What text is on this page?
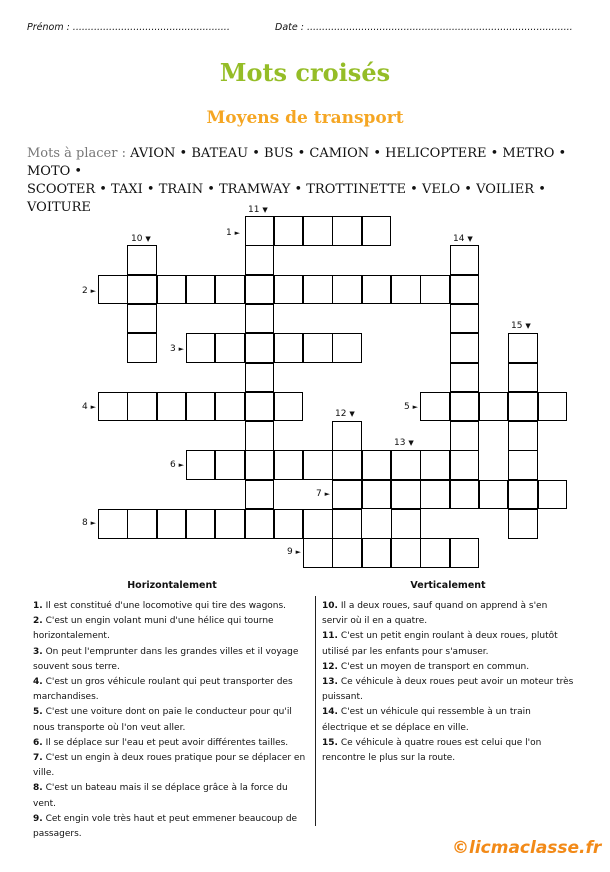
Prénom : ....................................................	Date : ........................................................................................
Mots croisés
Moyens de transport
Mots à placer : AVION • BATEAU • BUS • CAMION • HELICOPTERE • METRO • MOTO •
SCOOTER • TAXI • TRAIN • TRAMWAY • TROTTINETTE • VELO • VOILIER • VOITURE
1 ►
2 ►
3 ►
4 ►	5 ►
6 ►
7 ►
8 ►
9 ►
10 ▼
11 ▼
12 ▼
13 ▼
14 ▼
15 ▼
Horizontalement	Verticalement
1. Il est constitué d'une locomotive qui tire des wagons.
2. C'est un engin volant muni d'une hélice qui tourne horizontalement.
3. On peut l'emprunter dans les grandes villes et il voyage souvent sous terre.
4. C'est un gros véhicule roulant qui peut transporter des marchandises.
5. C'est une voiture dont on paie le conducteur pour qu'il nous transporte où l'on veut aller.
6. Il se déplace sur l'eau et peut avoir différentes tailles.
7. C'est un engin à deux roues pratique pour se déplacer en ville.
8. C'est un bateau mais il se déplace grâce à la force du vent.
9. Cet engin vole très haut et peut emmener beaucoup de passagers.
10. Il a deux roues, sauf quand on apprend à s'en servir où il en a quatre.
11. C'est un petit engin roulant à deux roues, plutôt utilisé par les enfants pour s'amuser.
12. C'est un moyen de transport en commun.
13. Ce véhicule à deux roues peut avoir un moteur très puissant.
14. C'est un véhicule qui ressemble à un train électrique et se déplace en ville.
15. Ce véhicule à quatre roues est celui que l'on rencontre le plus sur la route.
©licmaclasse.fr
